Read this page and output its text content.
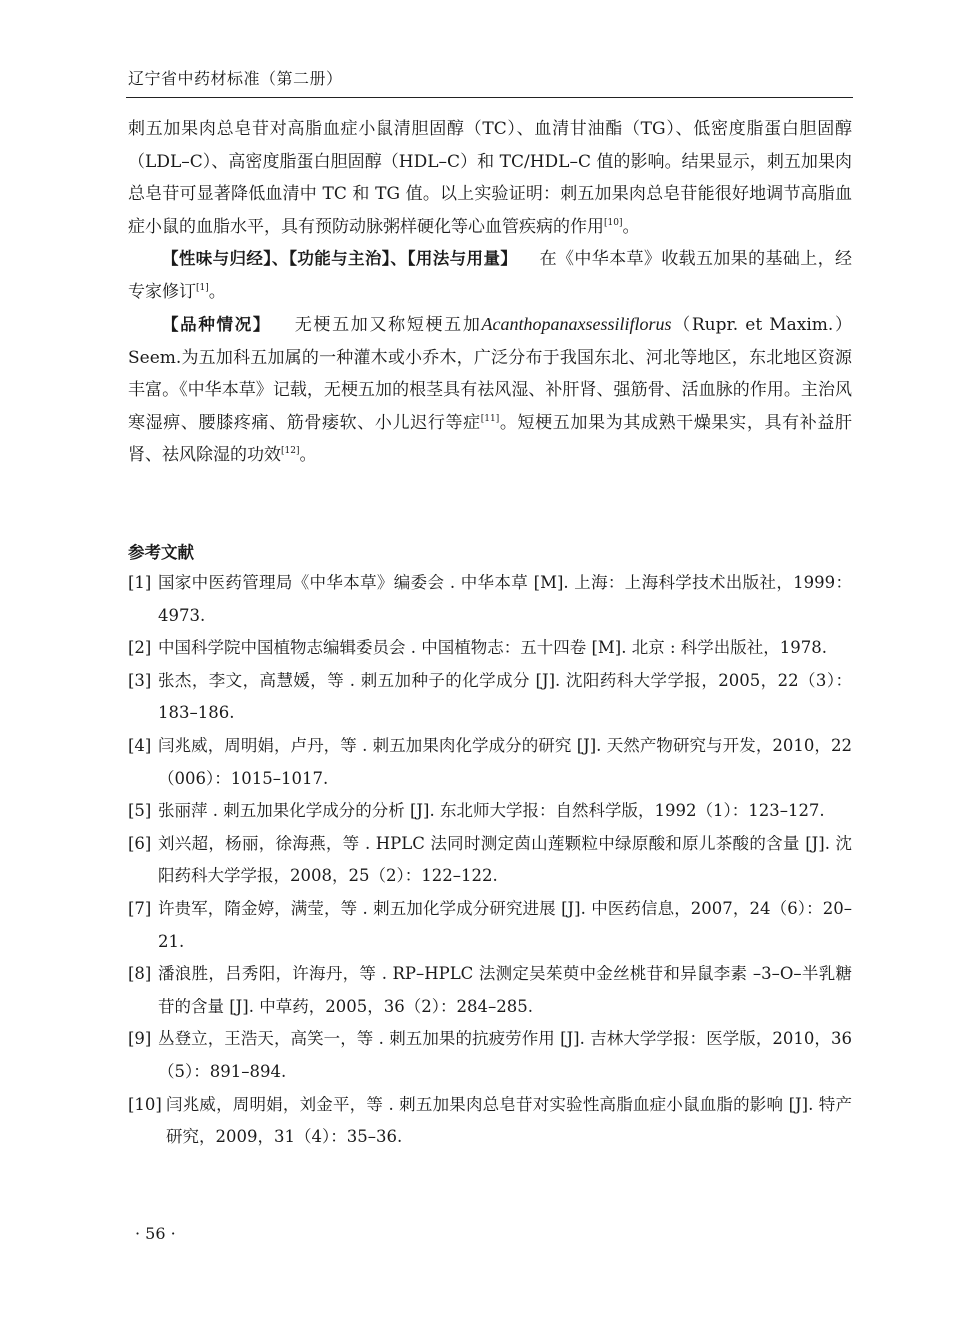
辽宁省中药材标准（第二册）

刺五加果肉总皂苷对高脂血症小鼠清胆固醇（TC）、血清甘油酯（TG）、低密度脂蛋白胆固醇（LDL–C）、高密度脂蛋白胆固醇（HDL–C）和 TC/HDL–C 值的影响。结果显示，刺五加果肉总皂苷可显著降低血清中 TC 和 TG 值。以上实验证明：刺五加果肉总皂苷能很好地调节高脂血症小鼠的血脂水平，具有预防动脉粥样硬化等心血管疾病的作用[10]。

【性味与归经】、【功能与主治】、【用法与用量】 在《中华本草》收载五加果的基础上，经专家修订[1]。

【品种情况】 无梗五加又称短梗五加Acanthopanaxsessiliflorus（Rupr. et Maxim.）Seem.为五加科五加属的一种灌木或小乔木，广泛分布于我国东北、河北等地区，东北地区资源丰富。《中华本草》记载，无梗五加的根茎具有祛风湿、补肝肾、强筋骨、活血脉的作用。主治风寒湿痹、腰膝疼痛、筋骨痿软、小儿迟行等症[11]。短梗五加果为其成熟干燥果实，具有补益肝肾、祛风除湿的功效[12]。

参考文献
[1] 国家中医药管理局《中华本草》编委会 . 中华本草 [M]. 上海：上海科学技术出版社，1999：4973.
[2] 中国科学院中国植物志编辑委员会 . 中国植物志：五十四卷 [M]. 北京 : 科学出版社，1978.
[3] 张杰，李文，高慧媛，等 . 刺五加种子的化学成分 [J]. 沈阳药科大学学报，2005，22（3）：183–186.
[4] 闫兆威，周明娟，卢丹，等 . 刺五加果肉化学成分的研究 [J]. 天然产物研究与开发，2010，22（006）：1015–1017.
[5] 张丽萍 . 刺五加果化学成分的分析 [J]. 东北师大学报：自然科学版，1992（1）：123–127.
[6] 刘兴超，杨丽，徐海燕，等 . HPLC 法同时测定茵山莲颗粒中绿原酸和原儿茶酸的含量 [J]. 沈阳药科大学学报，2008，25（2）：122–122.
[7] 许贵军，隋金婷，满莹，等 . 刺五加化学成分研究进展 [J]. 中医药信息，2007，24（6）：20–21.
[8] 潘浪胜，吕秀阳，许海丹，等 . RP–HPLC 法测定吴茱萸中金丝桃苷和异鼠李素 –3–O–半乳糖苷的含量 [J]. 中草药，2005，36（2）：284–285.
[9] 丛登立，王浩天，高笑一，等 . 刺五加果的抗疲劳作用 [J]. 吉林大学学报：医学版，2010，36（5）：891–894.
[10] 闫兆威，周明娟，刘金平，等 . 刺五加果肉总皂苷对实验性高脂血症小鼠血脂的影响 [J]. 特产研究，2009，31（4）：35–36.
· 56 ·
